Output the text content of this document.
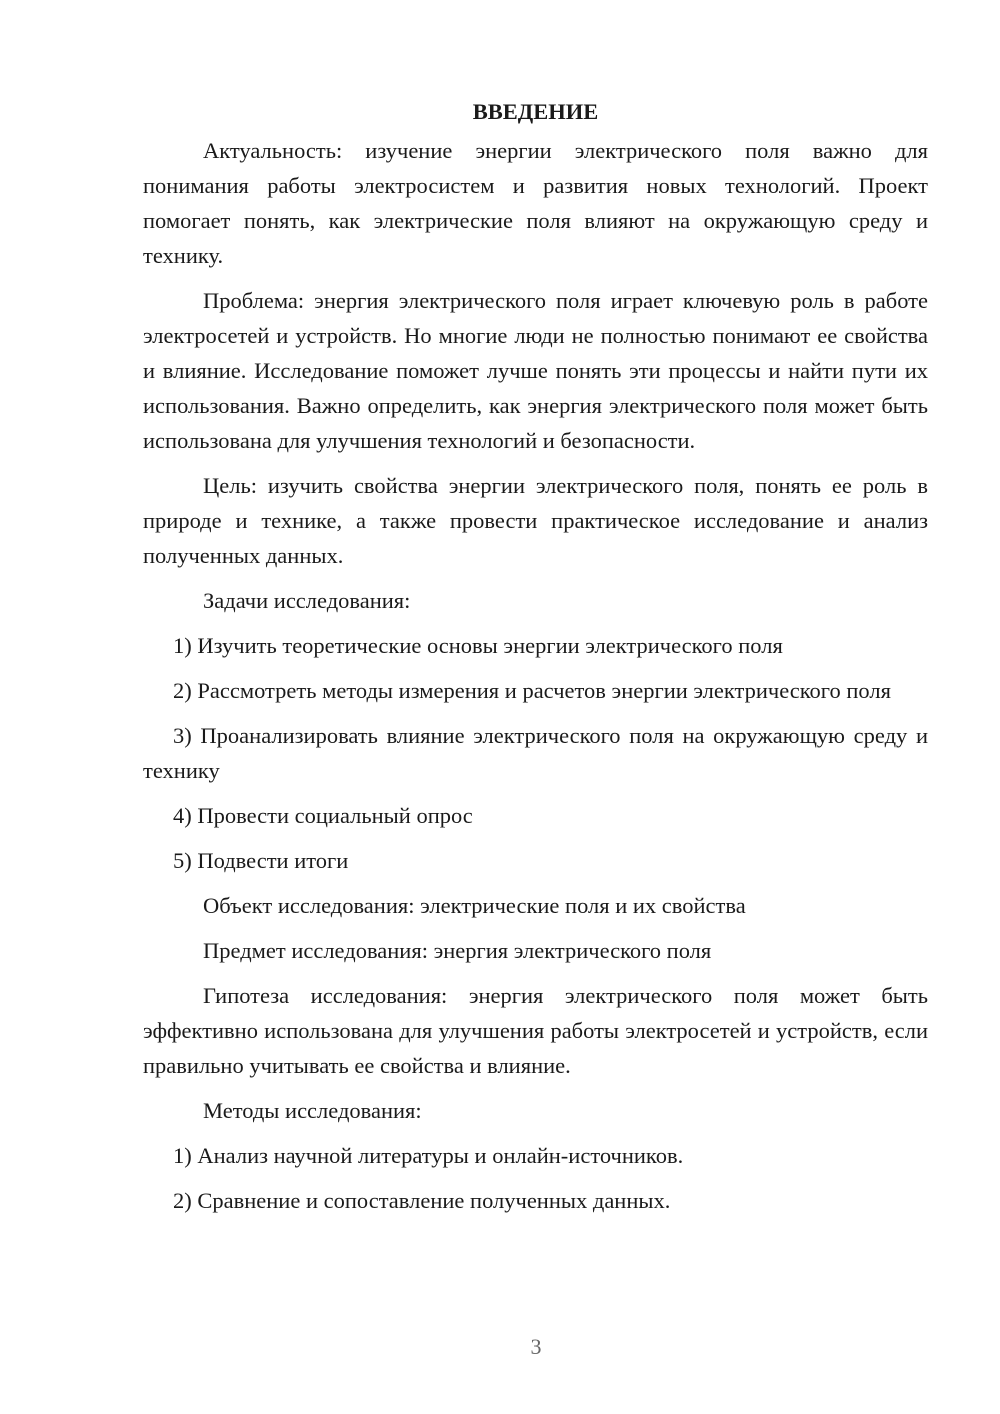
ВВЕДЕНИЕ

Актуальность: изучение энергии электрического поля важно для понимания работы электросистем и развития новых технологий. Проект помогает понять, как электрические поля влияют на окружающую среду и технику.

Проблема: энергия электрического поля играет ключевую роль в работе электросетей и устройств. Но многие люди не полностью понимают ее свойства и влияние. Исследование поможет лучше понять эти процессы и найти пути их использования. Важно определить, как энергия электрического поля может быть использована для улучшения технологий и безопасности.

Цель: изучить свойства энергии электрического поля, понять ее роль в природе и технике, а также провести практическое исследование и анализ полученных данных.

Задачи исследования:

1) Изучить теоретические основы энергии электрического поля

2) Рассмотреть методы измерения и расчетов энергии электрического поля

3) Проанализировать влияние электрического поля на окружающую среду и технику

4) Провести социальный опрос

5) Подвести итоги

Объект исследования: электрические поля и их свойства

Предмет исследования: энергия электрического поля

Гипотеза исследования: энергия электрического поля может быть эффективно использована для улучшения работы электросетей и устройств, если правильно учитывать ее свойства и влияние.

Методы исследования:

1) Анализ научной литературы и онлайн-источников.

2) Сравнение и сопоставление полученных данных.

3
